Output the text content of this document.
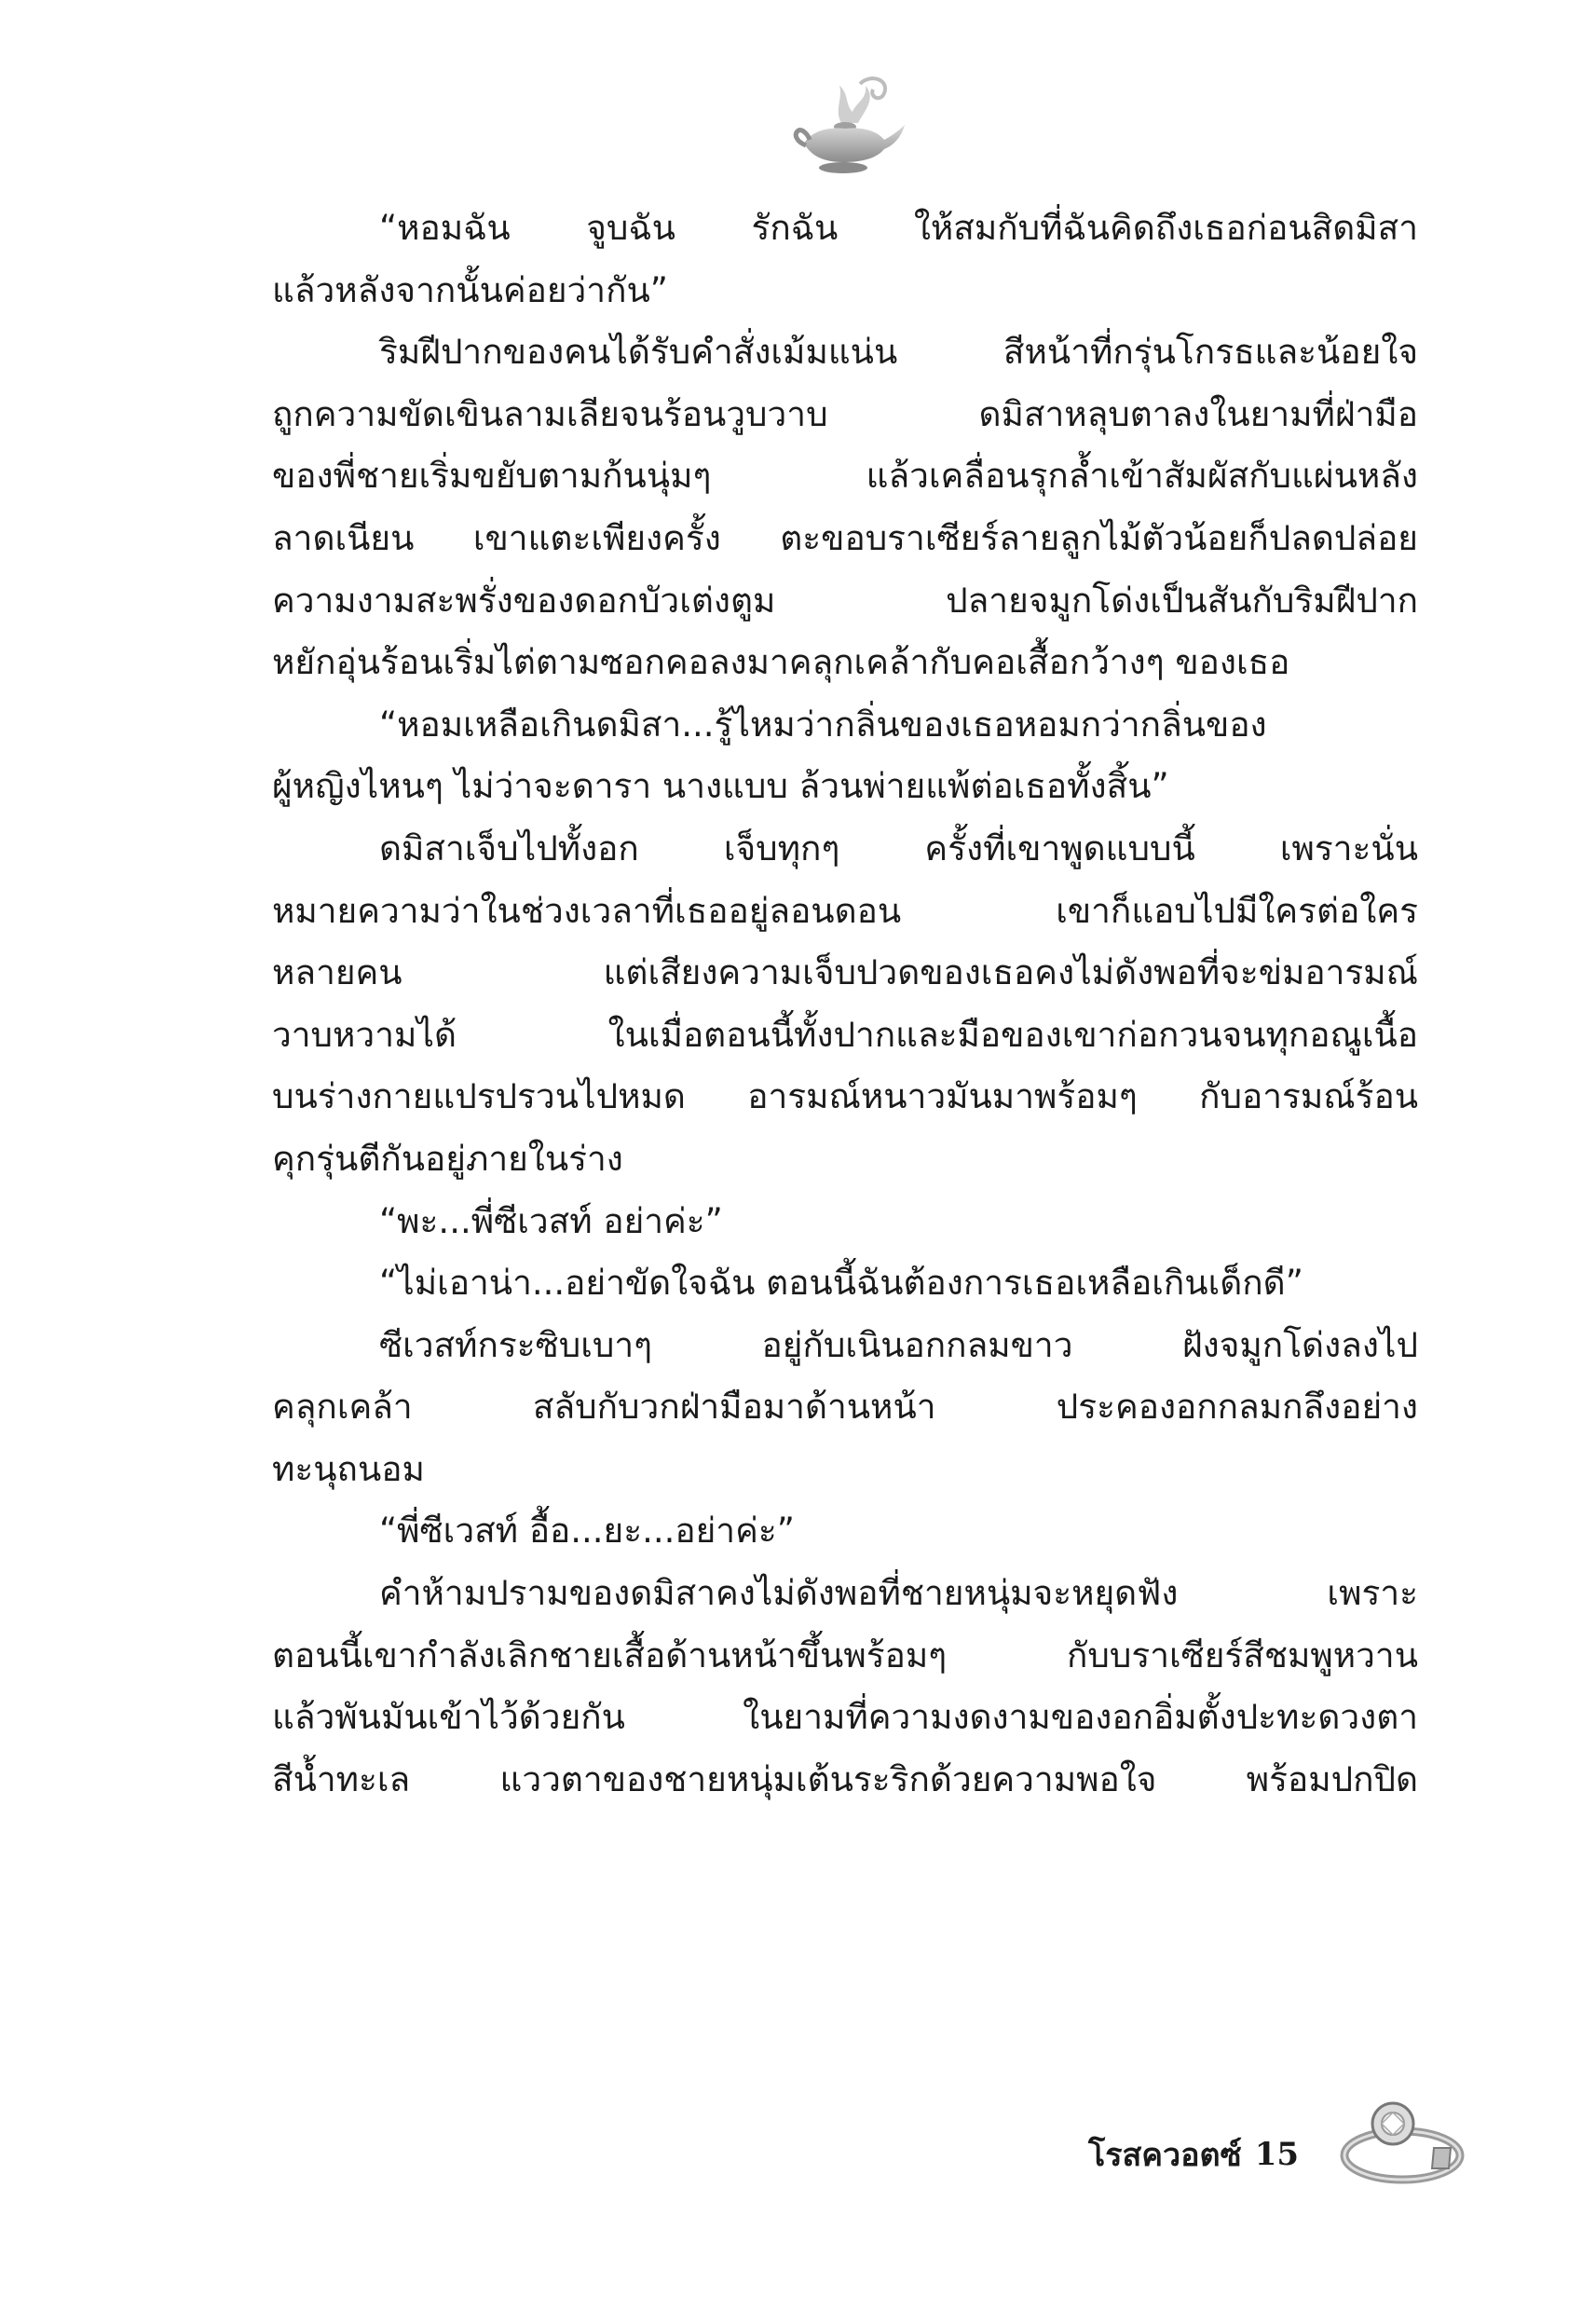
“หอมฉัน จูบฉัน รักฉัน ให้สมกับที่ฉันคิดถึงเธอก่อนสิดมิสา
แล้วหลังจากนั้นค่อยว่ากัน”
ริมฝีปากของคนได้รับคำสั่งเม้มแน่น สีหน้าที่กรุ่นโกรธและน้อยใจ
ถูกความขัดเขินลามเลียจนร้อนวูบวาบ ดมิสาหลุบตาลงในยามที่ฝ่ามือ
ของพี่ชายเริ่มขยับตามก้นนุ่มๆ แล้วเคลื่อนรุกล้ำเข้าสัมผัสกับแผ่นหลัง
ลาดเนียน เขาแตะเพียงครั้ง ตะขอบราเซียร์ลายลูกไม้ตัวน้อยก็ปลดปล่อย
ความงามสะพรั่งของดอกบัวเต่งตูม ปลายจมูกโด่งเป็นสันกับริมฝีปาก
หยักอุ่นร้อนเริ่มไต่ตามซอกคอลงมาคลุกเคล้ากับคอเสื้อกว้างๆ ของเธอ
“หอมเหลือเกินดมิสา...รู้ไหมว่ากลิ่นของเธอหอมกว่ากลิ่นของ
ผู้หญิงไหนๆ ไม่ว่าจะดารา นางแบบ ล้วนพ่ายแพ้ต่อเธอทั้งสิ้น”
ดมิสาเจ็บไปทั้งอก เจ็บทุกๆ ครั้งที่เขาพูดแบบนี้ เพราะนั่น
หมายความว่าในช่วงเวลาที่เธออยู่ลอนดอน เขาก็แอบไปมีใครต่อใคร
หลายคน แต่เสียงความเจ็บปวดของเธอคงไม่ดังพอที่จะข่มอารมณ์
วาบหวามได้ ในเมื่อตอนนี้ทั้งปากและมือของเขาก่อกวนจนทุกอณูเนื้อ
บนร่างกายแปรปรวนไปหมด อารมณ์หนาวมันมาพร้อมๆ กับอารมณ์ร้อน
คุกรุ่นตีกันอยู่ภายในร่าง
“พะ...พี่ซีเวสท์ อย่าค่ะ”
“ไม่เอาน่า...อย่าขัดใจฉัน ตอนนี้ฉันต้องการเธอเหลือเกินเด็กดี”
ซีเวสท์กระซิบเบาๆ อยู่กับเนินอกกลมขาว ฝังจมูกโด่งลงไป
คลุกเคล้า สลับกับวกฝ่ามือมาด้านหน้า ประคองอกกลมกลึงอย่าง
ทะนุถนอม
“พี่ซีเวสท์ อื้อ...ยะ...อย่าค่ะ”
คำห้ามปรามของดมิสาคงไม่ดังพอที่ชายหนุ่มจะหยุดฟัง เพราะ
ตอนนี้เขากำลังเลิกชายเสื้อด้านหน้าขึ้นพร้อมๆ กับบราเซียร์สีชมพูหวาน
แล้วพันมันเข้าไว้ด้วยกัน ในยามที่ความงดงามของอกอิ่มตั้งปะทะดวงตา
สีน้ำทะเล แววตาของชายหนุ่มเต้นระริกด้วยความพอใจ พร้อมปกปิด
โรสควอตซ์ 15
